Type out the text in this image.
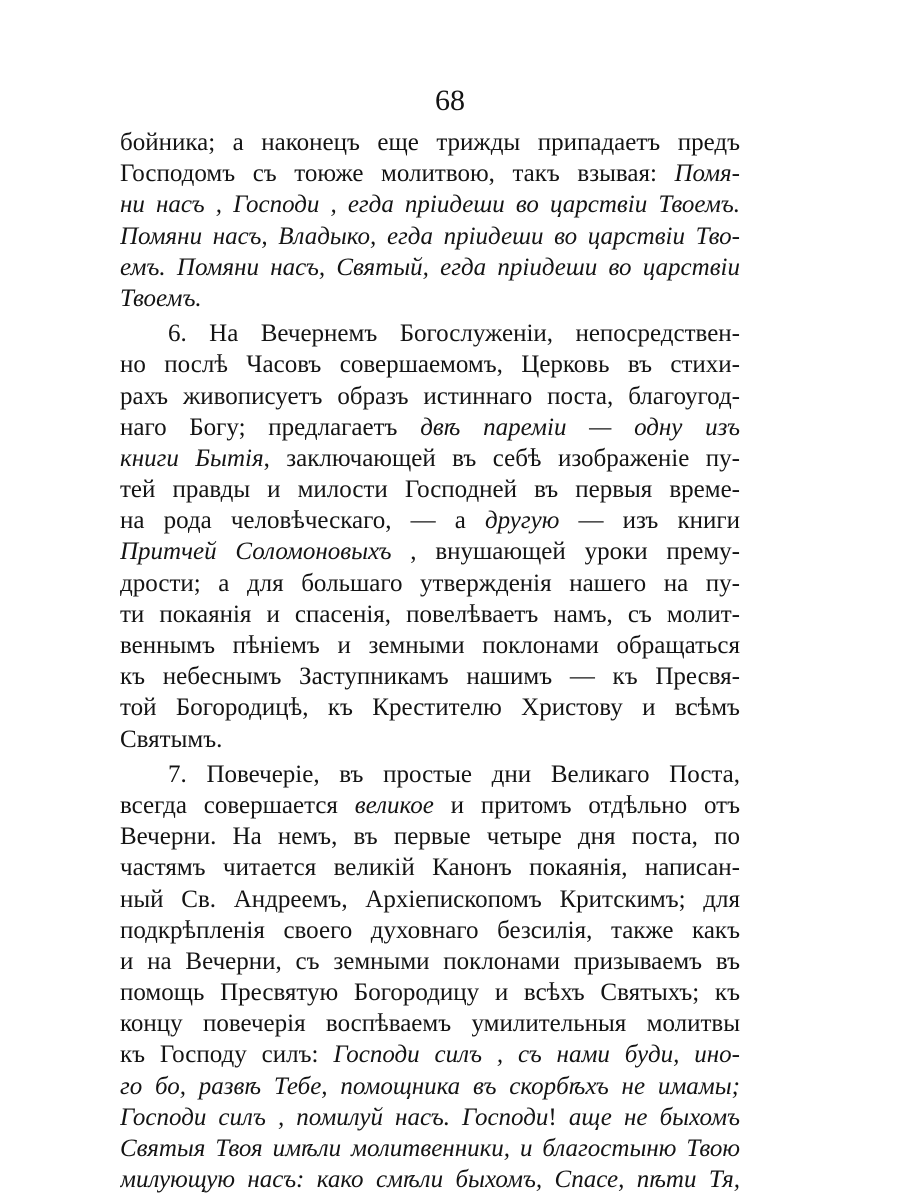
68
бойника; а наконецъ еще трижды припадаетъ предъ
Господомъ съ тоюже молитвою, такъ взывая: Помя-
ни насъ , Господи , егда пріидеши во царствіи Твоемъ.
Помяни насъ, Владыко, егда пріидеши во царствіи Тво-
емъ. Помяни насъ, Святый, егда пріидеши во царствіи
Твоемъ.
6. На Вечернемъ Богослуженіи, непосредствен-
но послѣ Часовъ совершаемомъ, Церковь въ стихи-
рахъ живописуетъ образъ истиннаго поста, благоугод-
наго Богу; предлагаетъ двѣ пареміи — одну изъ
книги Бытія, заключающей въ себѣ изображеніе пу-
тей правды и милости Господней въ первыя време-
на рода человѣческаго, — а другую — изъ книги
Притчей Соломоновыхъ , внушающей уроки прему-
дрости; а для большаго утвержденія нашего на пу-
ти покаянія и спасенія, повелѣваетъ намъ, съ молит-
веннымъ пѣніемъ и земными поклонами обращаться
къ небеснымъ Заступникамъ нашимъ — къ Пресвя-
той Богородицѣ, къ Крестителю Христову и всѣмъ
Святымъ.
7. Повечеріе, въ простые дни Великаго Поста,
всегда совершается великое и притомъ отдѣльно отъ
Вечерни. На немъ, въ первые четыре дня поста, по
частямъ читается великій Канонъ покаянія, написан-
ный Св. Андреемъ, Архіепископомъ Критскимъ; для
подкрѣпленія своего духовнаго безсилія, также какъ
и на Вечерни, съ земными поклонами призываемъ въ
помощь Пресвятую Богородицу и всѣхъ Святыхъ; къ
концу повечерія воспѣваемъ умилительныя молитвы
къ Господу силъ: Господи силъ , съ нами буди, ино-
го бо, развѣ Тебе, помощника въ скорбѣхъ не имамы;
Господи силъ , помилуй насъ. Господи! аще не быхомъ
Святыя Твоя имѣли молитвенники, и благостыню Твою
милующую насъ: како смѣли быхомъ, Спасе, пѣти Тя,
